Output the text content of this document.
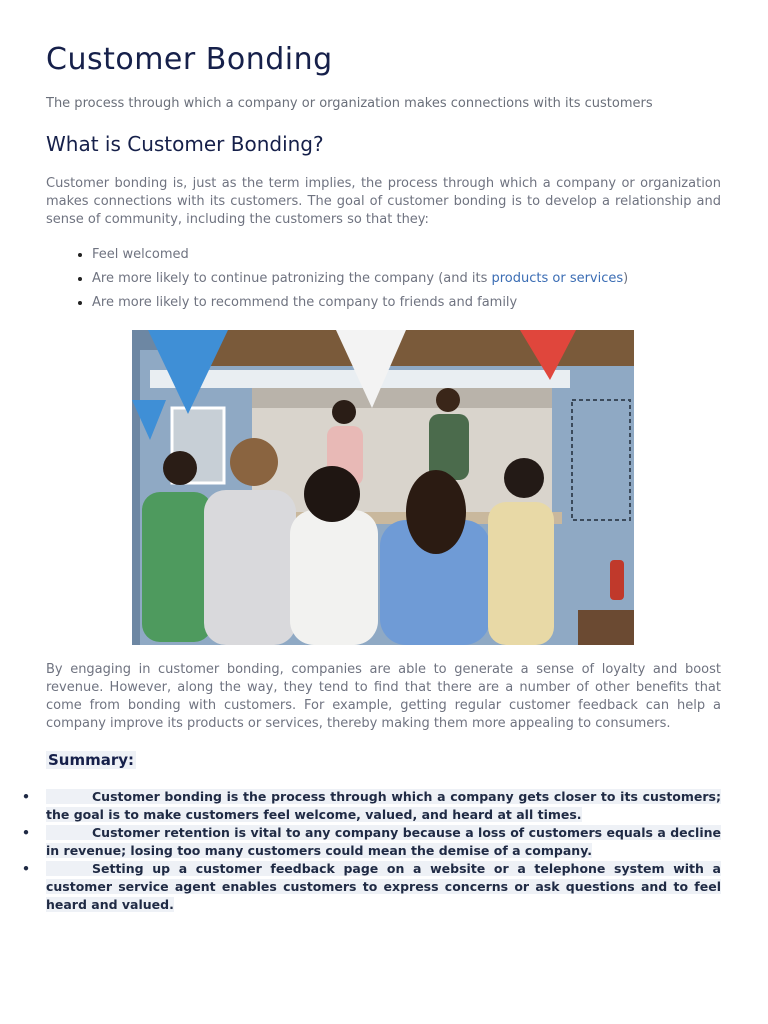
Customer Bonding
The process through which a company or organization makes connections with its customers
What is Customer Bonding?

Customer bonding is, just as the term implies, the process through which a company or organization makes connections with its customers. The goal of customer bonding is to develop a relationship and sense of community, including the customers so that they:

• Feel welcomed
• Are more likely to continue patronizing the company (and its products or services)
• Are more likely to recommend the company to friends and family

By engaging in customer bonding, companies are able to generate a sense of loyalty and boost revenue. However, along the way, they tend to find that there are a number of other benefits that come from bonding with customers. For example, getting regular customer feedback can help a company improve its products or services, thereby making them more appealing to consumers.

Summary:
•	Customer bonding is the process through which a company gets closer to its customers; the goal is to make customers feel welcome, valued, and heard at all times.
•	Customer retention is vital to any company because a loss of customers equals a decline in revenue; losing too many customers could mean the demise of a company.
•	Setting up a customer feedback page on a website or a telephone system with a customer service agent enables customers to express concerns or ask questions and to feel heard and valued.
